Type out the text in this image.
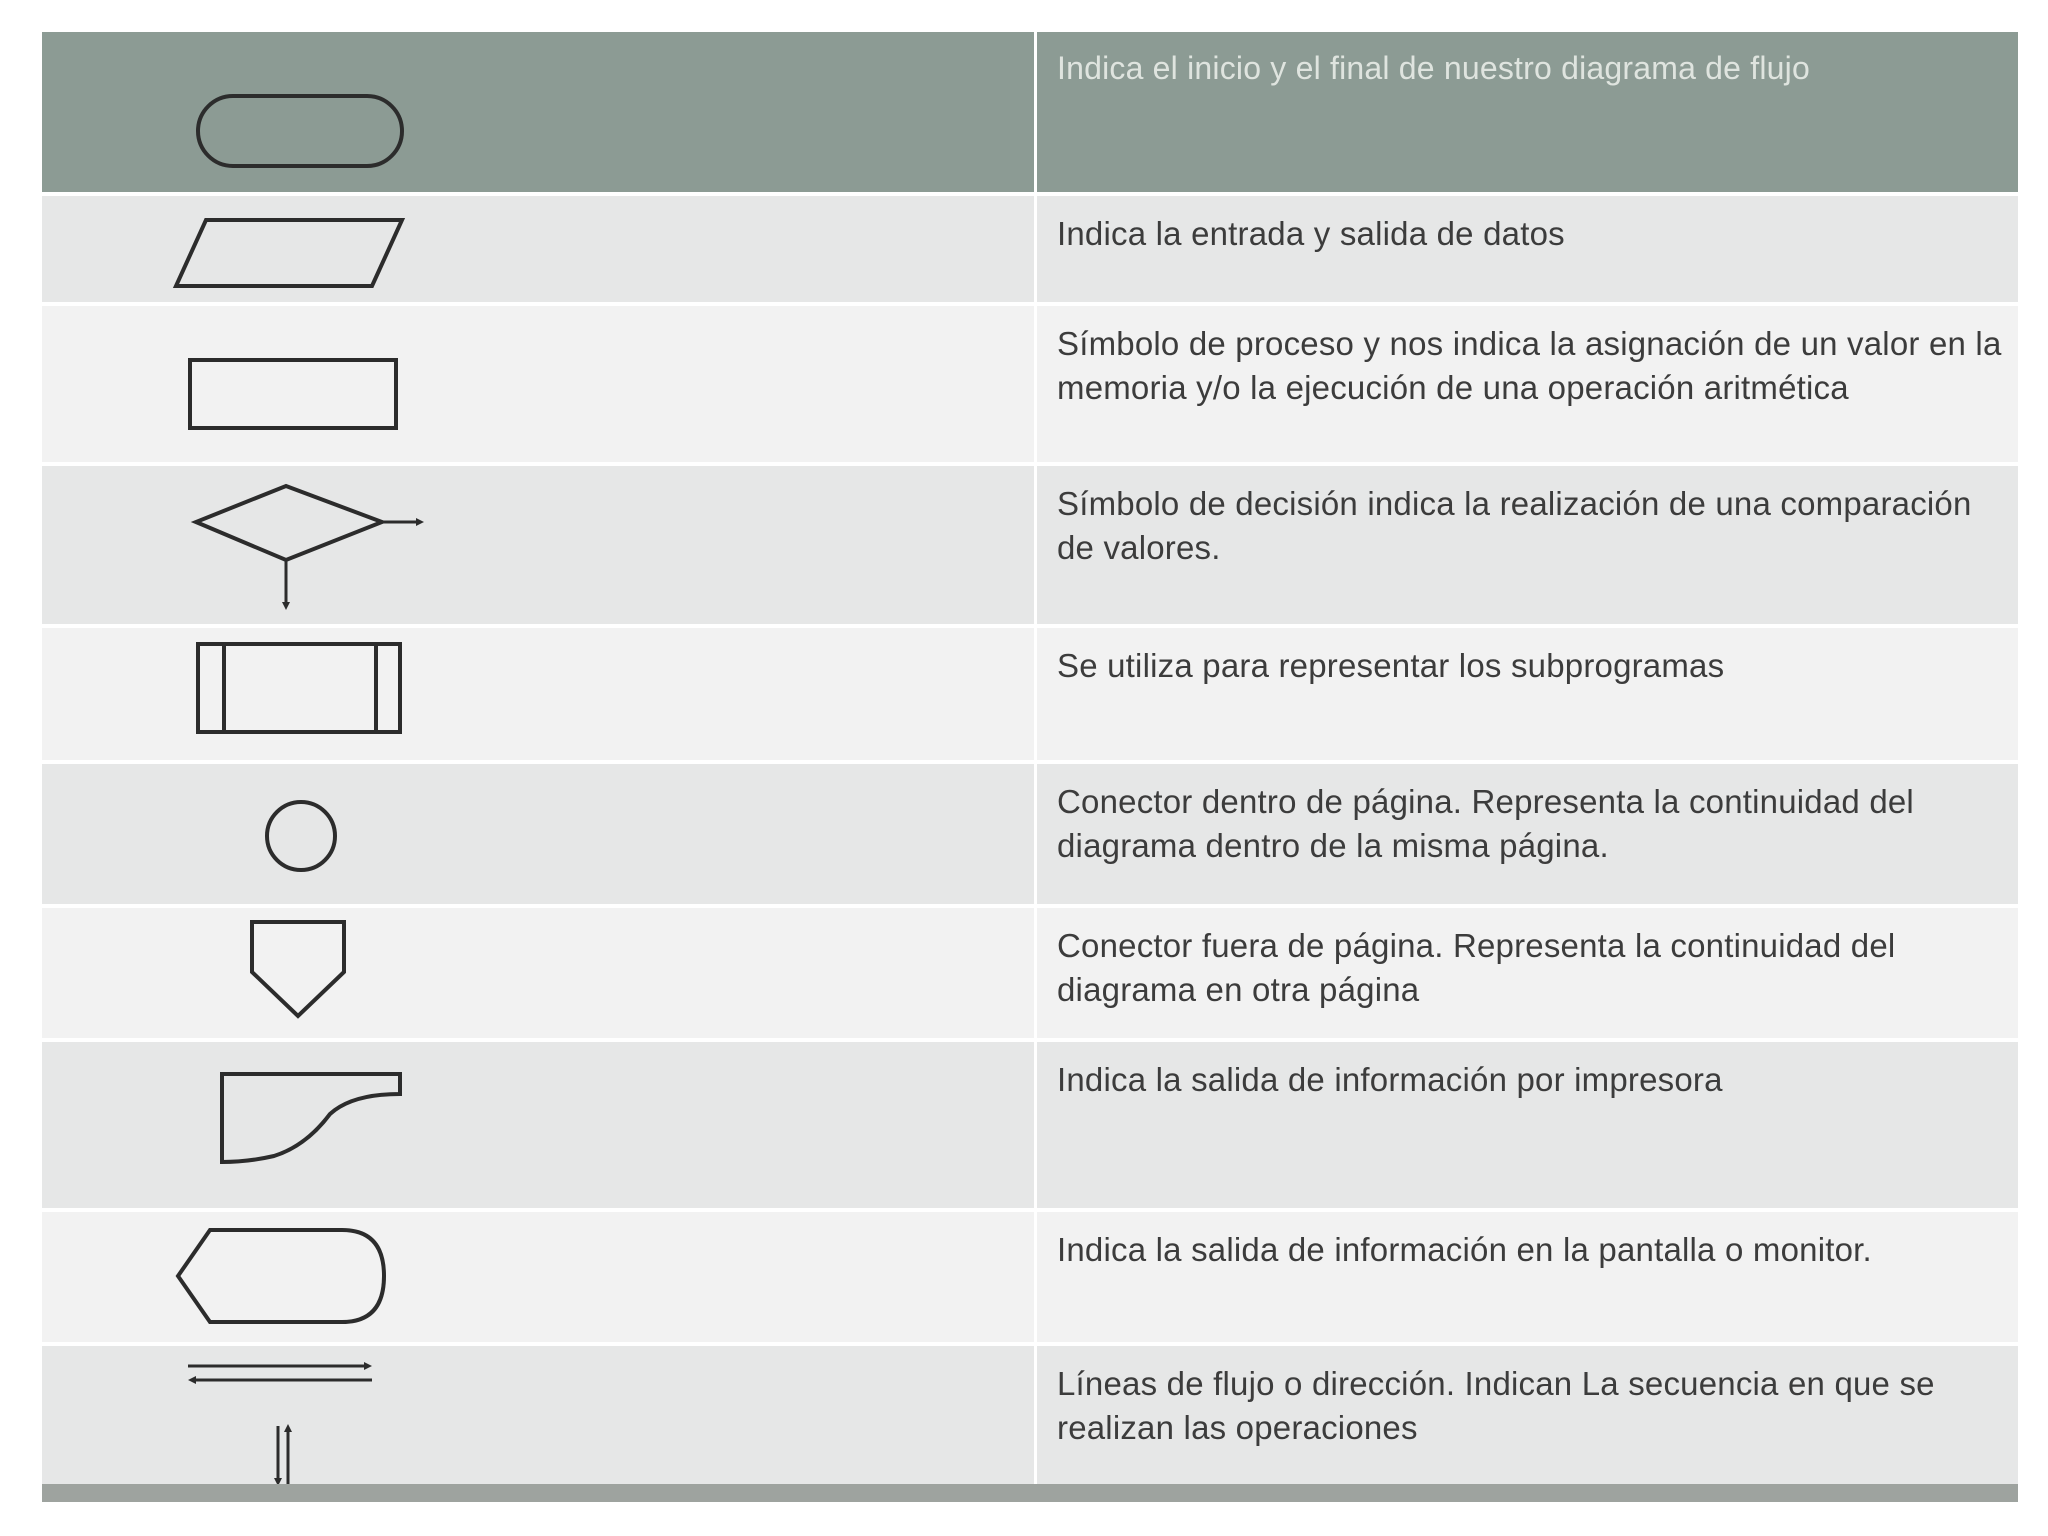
Indica el inicio y el final de nuestro diagrama de flujo
Indica la entrada y salida de datos
Símbolo de proceso y nos indica la asignación de un valor en la memoria y/o la ejecución de una operación aritmética
Símbolo de decisión indica la realización de una comparación de valores.
Se utiliza para representar los subprogramas
Conector dentro de página. Representa la continuidad del diagrama dentro de la misma página.
Conector fuera de página. Representa la continuidad del diagrama en otra página
Indica la salida de información por impresora
Indica la salida de información en la pantalla o monitor.
Líneas de flujo o dirección. Indican La secuencia en que se realizan las operaciones
